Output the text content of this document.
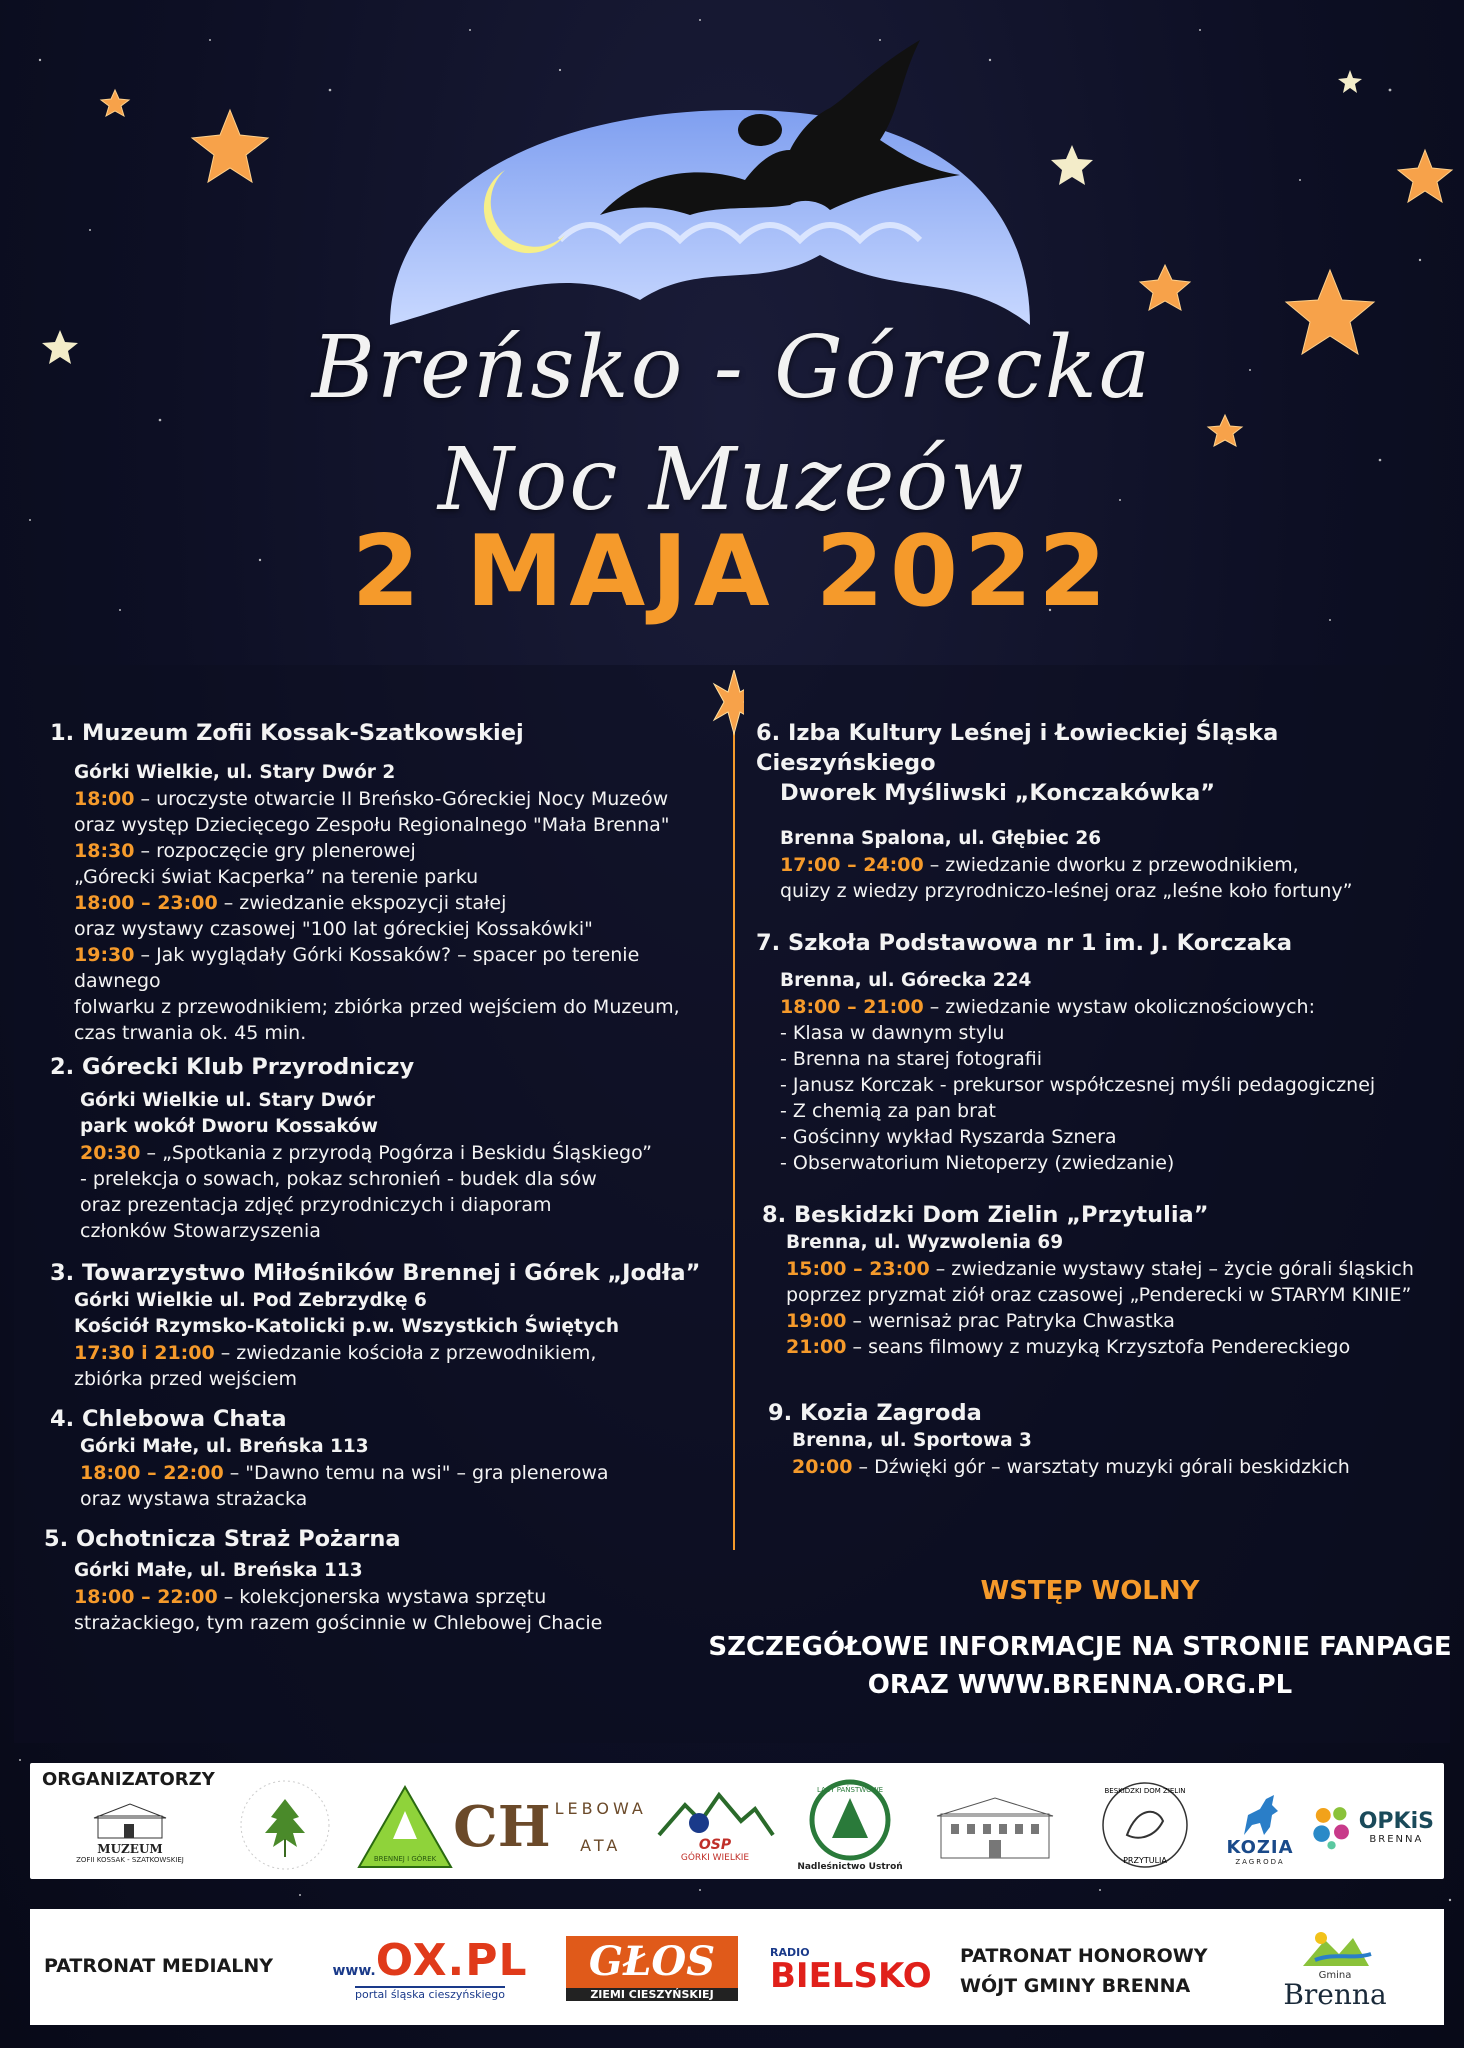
Breńsko - Górecka
Noc Muzeów
2 MAJA 2022

1. Muzeum Zofii Kossak-Szatkowskiej

Górki Wielkie, ul. Stary Dwór 2
18:00 – uroczyste otwarcie II Breńsko-Góreckiej Nocy Muzeów
oraz występ Dziecięcego Zespołu Regionalnego "Mała Brenna"
18:30 – rozpoczęcie gry plenerowej
„Górecki świat Kacperka” na terenie parku
18:00 – 23:00 – zwiedzanie ekspozycji stałej
oraz wystawy czasowej "100 lat góreckiej Kossakówki"
19:30 – Jak wyglądały Górki Kossaków? – spacer po terenie dawnego
folwarku z przewodnikiem; zbiórka przed wejściem do Muzeum,
czas trwania ok. 45 min.

2. Górecki Klub Przyrodniczy

Górki Wielkie ul. Stary Dwór
park wokół Dworu Kossaków
20:30 – „Spotkania z przyrodą Pogórza i Beskidu Śląskiego”
- prelekcja o sowach, pokaz schronień - budek dla sów
oraz prezentacja zdjęć przyrodniczych i diaporam
członków Stowarzyszenia

3. Towarzystwo Miłośników Brennej i Górek „Jodła”

Górki Wielkie ul. Pod Zebrzydkę 6
Kościół Rzymsko-Katolicki p.w. Wszystkich Świętych
17:30 i 21:00 – zwiedzanie kościoła z przewodnikiem,
zbiórka przed wejściem

4. Chlebowa Chata

Górki Małe, ul. Breńska 113
18:00 – 22:00 – "Dawno temu na wsi" – gra plenerowa
oraz wystawa strażacka

5. Ochotnicza Straż Pożarna

Górki Małe, ul. Breńska 113
18:00 – 22:00 – kolekcjonerska wystawa sprzętu
strażackiego, tym razem gościnnie w Chlebowej Chacie

6. Izba Kultury Leśnej i Łowieckiej Śląska Cieszyńskiego

Dworek Myśliwski „Konczakówka”

Brenna Spalona, ul. Głębiec 26
17:00 – 24:00 – zwiedzanie dworku z przewodnikiem,
quizy z wiedzy przyrodniczo-leśnej oraz „leśne koło fortuny”

7. Szkoła Podstawowa nr 1 im. J. Korczaka

Brenna, ul. Górecka 224
18:00 – 21:00 – zwiedzanie wystaw okolicznościowych:
- Klasa w dawnym stylu
- Brenna na starej fotografii
- Janusz Korczak - prekursor współczesnej myśli pedagogicznej
- Z chemią za pan brat
- Gościnny wykład Ryszarda Sznera
- Obserwatorium Nietoperzy (zwiedzanie)

8. Beskidzki Dom Zielin „Przytulia”

Brenna, ul. Wyzwolenia 69
15:00 – 23:00 – zwiedzanie wystawy stałej – życie górali śląskich
poprzez pryzmat ziół oraz czasowej „Penderecki w STARYM KINIE”
19:00 – wernisaż prac Patryka Chwastka
21:00 – seans filmowy z muzyką Krzysztofa Pendereckiego

9. Kozia Zagroda

Brenna, ul. Sportowa 3
20:00 – Dźwięki gór – warsztaty muzyki górali beskidzkich
WSTĘP WOLNY
SZCZEGÓŁOWE INFORMACJE NA STRONIE FANPAGE
ORAZ WWW.BRENNA.ORG.PL
ORGANIZATORZY
MUZEUM
ZOFII KOSSAK - SZATKOWSKIEJ	BRENNEJ I GÓREK CH LEBOWA
ATA	OSP
GÓRKI WIELKIE
LASY PAŃSTWOWE
Nadleśnictwo Ustroń
BESKIDZKI DOM ZIELIN
PRZYTULIA
KOZIA
ZAGRODA
OPKiS
BRENNA
PATRONAT MEDIALNY	www.OX.PL
portal śląska cieszyńskiego
GŁOS
ZIEMI CIESZYŃSKIEJ
RADIO
BIELSKO PATRONAT HONOROWY
WÓJT GMINY BRENNA	Gmina
Brenna
